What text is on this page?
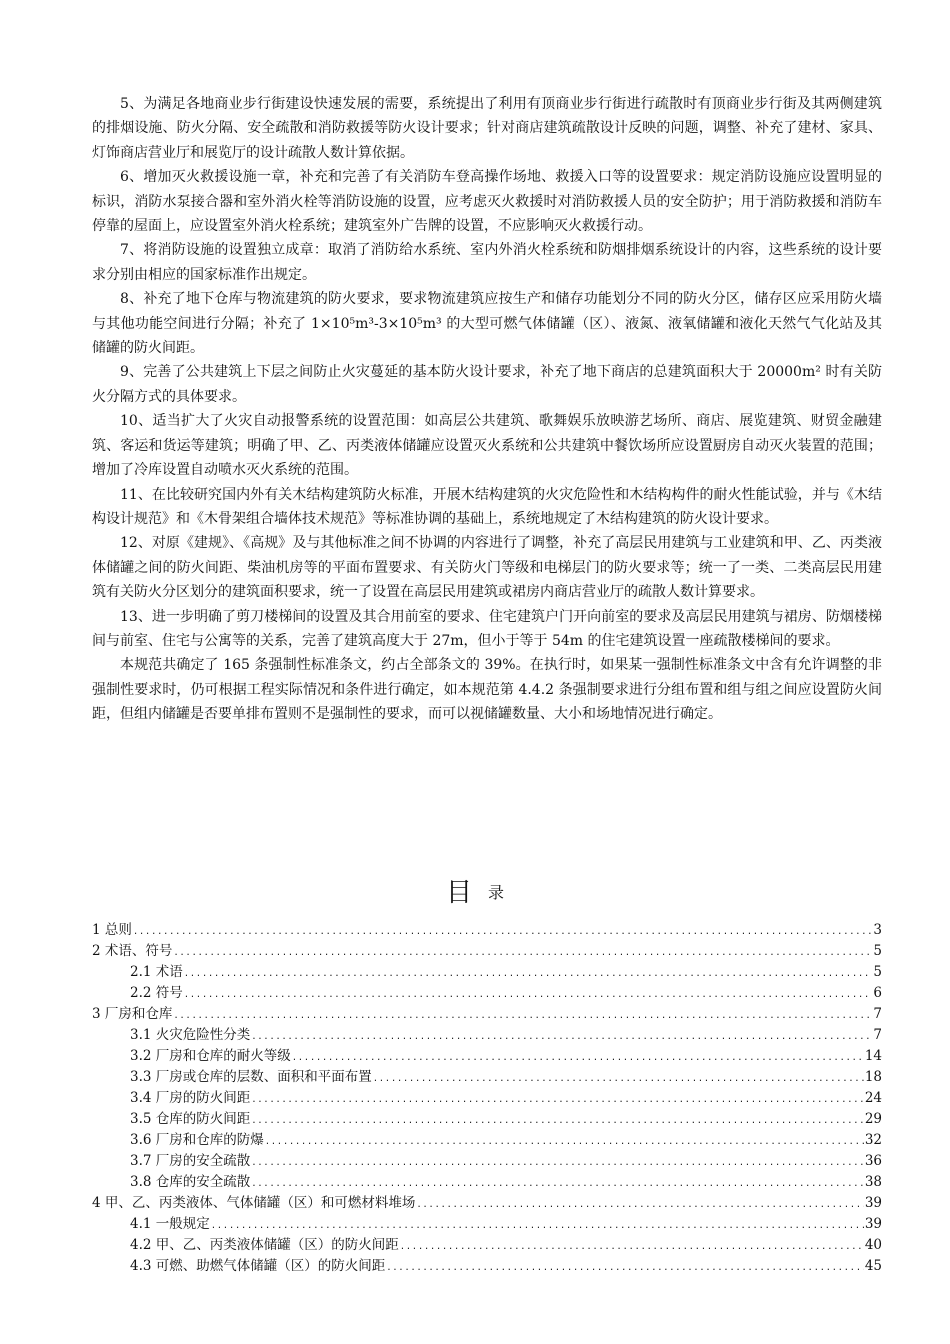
5、为满足各地商业步行街建设快速发展的需要，系统提出了利用有顶商业步行街进行疏散时有顶商业步行街及其两侧建筑的排烟设施、防火分隔、安全疏散和消防救援等防火设计要求；针对商店建筑疏散设计反映的问题，调整、补充了建材、家具、灯饰商店营业厅和展览厅的设计疏散人数计算依据。

6、增加灭火救援设施一章，补充和完善了有关消防车登高操作场地、救援入口等的设置要求：规定消防设施应设置明显的标识，消防水泵接合器和室外消火栓等消防设施的设置，应考虑灭火救援时对消防救援人员的安全防护；用于消防救援和消防车停靠的屋面上，应设置室外消火栓系统；建筑室外广告牌的设置，不应影响灭火救援行动。

7、将消防设施的设置独立成章：取消了消防给水系统、室内外消火栓系统和防烟排烟系统设计的内容，这些系统的设计要求分别由相应的国家标准作出规定。

8、补充了地下仓库与物流建筑的防火要求，要求物流建筑应按生产和储存功能划分不同的防火分区，储存区应采用防火墙与其他功能空间进行分隔；补充了 1×10⁵m³-3×10⁵m³ 的大型可燃气体储罐（区）、液氮、液氧储罐和液化天然气气化站及其储罐的防火间距。

9、完善了公共建筑上下层之间防止火灾蔓延的基本防火设计要求，补充了地下商店的总建筑面积大于 20000m² 时有关防火分隔方式的具体要求。

10、适当扩大了火灾自动报警系统的设置范围：如高层公共建筑、歌舞娱乐放映游艺场所、商店、展览建筑、财贸金融建筑、客运和货运等建筑；明确了甲、乙、丙类液体储罐应设置灭火系统和公共建筑中餐饮场所应设置厨房自动灭火装置的范围；增加了冷库设置自动喷水灭火系统的范围。

11、在比较研究国内外有关木结构建筑防火标准，开展木结构建筑的火灾危险性和木结构构件的耐火性能试验，并与《木结构设计规范》和《木骨架组合墙体技术规范》等标准协调的基础上，系统地规定了木结构建筑的防火设计要求。

12、对原《建规》、《高规》及与其他标准之间不协调的内容进行了调整，补充了高层民用建筑与工业建筑和甲、乙、丙类液体储罐之间的防火间距、柴油机房等的平面布置要求、有关防火门等级和电梯层门的防火要求等；统一了一类、二类高层民用建筑有关防火分区划分的建筑面积要求，统一了设置在高层民用建筑或裙房内商店营业厅的疏散人数计算要求。

13、进一步明确了剪刀楼梯间的设置及其合用前室的要求、住宅建筑户门开向前室的要求及高层民用建筑与裙房、防烟楼梯间与前室、住宅与公寓等的关系，完善了建筑高度大于 27m，但小于等于 54m 的住宅建筑设置一座疏散楼梯间的要求。

本规范共确定了 165 条强制性标准条文，约占全部条文的 39%。在执行时，如果某一强制性标准条文中含有允许调整的非强制性要求时，仍可根据工程实际情况和条件进行确定，如本规范第 4.4.2 条强制要求进行分组布置和组与组之间应设置防火间距，但组内储罐是否要单排布置则不是强制性的要求，而可以视储罐数量、大小和场地情况进行确定。

目 录
1 总则 .....	3
2 术语、符号 .....	5
2.1 术语 .....	5
2.2 符号 .....	6
3 厂房和仓库 .....	7
3.1 火灾危险性分类 .....	7
3.2 厂房和仓库的耐火等级 .....	14
3.3 厂房或仓库的层数、面积和平面布置 .....	18
3.4 厂房的防火间距 .....	24
3.5 仓库的防火间距 .....	29
3.6 厂房和仓库的防爆 .....	32
3.7 厂房的安全疏散 .....	36
3.8 仓库的安全疏散 .....	38
4 甲、乙、丙类液体、气体储罐（区）和可燃材料堆场 .....	39
4.1 一般规定 .....	39
4.2 甲、乙、丙类液体储罐（区）的防火间距 .....	40
4.3 可燃、助燃气体储罐（区）的防火间距 .....	45
